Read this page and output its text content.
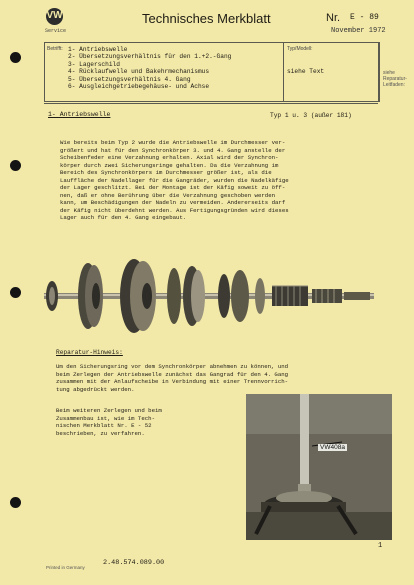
VW
Service
Technisches Merkblatt	Nr. E - 89
November 1972
Betrifft: 1- Antriebswelle
2- Übersetzungsverhältnis für den 1.+2.-Gang
3- Lagerschild
4- Rücklaufwelle und Bakehrmechanismus
5- Übersetzungsverhältnis 4. Gang
6- Ausgleichgetriebegehäuse- und Achse
Typ/Modell:
siehe Text	siehe
Reparatur-
Leitfaden:
1- Antriebswelle	Typ 1 u. 3 (außer 181)
Wie bereits beim Typ 2 wurde die Antriebswelle im Durchmesser ver-
größert und hat für den Synchronkörper 3. und 4. Gang anstelle der
Scheibenfeder eine Verzahnung erhalten. Axial wird der Synchron-
körper durch zwei Sicherungsringe gehalten. Da die Verzahnung im
Bereich des Synchronkörpers im Durchmesser größer ist, als die
Lauffläche der Nadellager für die Gangräder, wurden die Nadelkäfige
der Lager geschlitzt. Bei der Montage ist der Käfig soweit zu öff-
nen, daß er ohne Berührung über die Verzahnung geschoben werden
kann, um Beschädigungen der Nadeln zu vermeiden. Andererseits darf
der Käfig nicht überdehnt werden. Aus Fertigungsgründen wird dieses
Lager auch für den 4. Gang eingebaut.
Reparatur-Hinweis:
Um den Sicherungsring vor dem Synchronkörper abnehmen zu können, und
beim Zerlegen der Antriebswelle zunächst das Gangrad für den 4. Gang
zusammen mit der Anlaufscheibe in Verbindung mit einer Trennvorrich-
tung abgedrückt werden.
Beim weiteren Zerlegen und beim
Zusammenbau ist, wie im Tech-
nischen Merkblatt Nr. E - 52
beschrieben, zu verfahren.
VW408a
1
2.48.574.089.00
Printed in Germany
